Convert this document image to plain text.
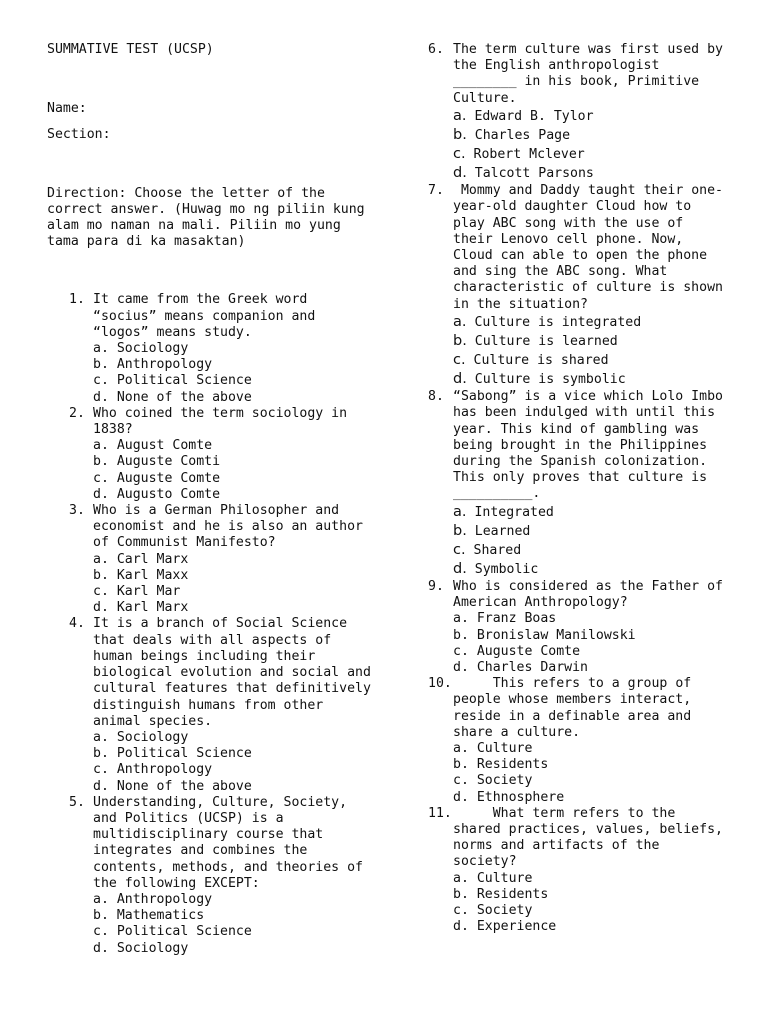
SUMMATIVE TEST (UCSP)
Name:
Section:
Direction: Choose the letter of the correct answer. (Huwag mo ng piliin kung alam mo naman na mali. Piliin mo yung tama para di ka masaktan)
1. It came from the Greek word “socius” means companion and “logos” means study.
a. Sociology
b. Anthropology
c. Political Science
d. None of the above
2. Who coined the term sociology in 1838?
a. August Comte
b. Auguste Comti
c. Auguste Comte
d. Augusto Comte
3. Who is a German Philosopher and economist and he is also an author of Communist Manifesto?
a. Carl Marx
b. Karl Maxx
c. Karl Mar
d. Karl Marx
4. It is a branch of Social Science that deals with all aspects of human beings including their biological evolution and social and cultural features that definitively distinguish humans from other animal species.
a. Sociology
b. Political Science
c. Anthropology
d. None of the above
5. Understanding, Culture, Society, and Politics (UCSP) is a multidisciplinary course that integrates and combines the contents, methods, and theories of the following EXCEPT:
a. Anthropology
b. Mathematics
c. Political Science
d. Sociology
6. The term culture was first used by the English anthropologist ________ in his book, Primitive Culture.
a. Edward B. Tylor
b. Charles Page
c. Robert Mclever
d. Talcott Parsons
7. Mommy and Daddy taught their one-year-old daughter Cloud how to play ABC song with the use of their Lenovo cell phone. Now, Cloud can able to open the phone and sing the ABC song. What characteristic of culture is shown in the situation?
a. Culture is integrated
b. Culture is learned
c. Culture is shared
d. Culture is symbolic
8. “Sabong” is a vice which Lolo Imbo has been indulged with until this year. This kind of gambling was being brought in the Philippines during the Spanish colonization. This only proves that culture is __________.
a. Integrated
b. Learned
c. Shared
d. Symbolic
9. Who is considered as the Father of American Anthropology?
a. Franz Boas
b. Bronislaw Manilowski
c. Auguste Comte
d. Charles Darwin
10. This refers to a group of people whose members interact, reside in a definable area and share a culture.
a. Culture
b. Residents
c. Society
d. Ethnosphere
11. What term refers to the shared practices, values, beliefs, norms and artifacts of the society?
a. Culture
b. Residents
c. Society
d. Experience
